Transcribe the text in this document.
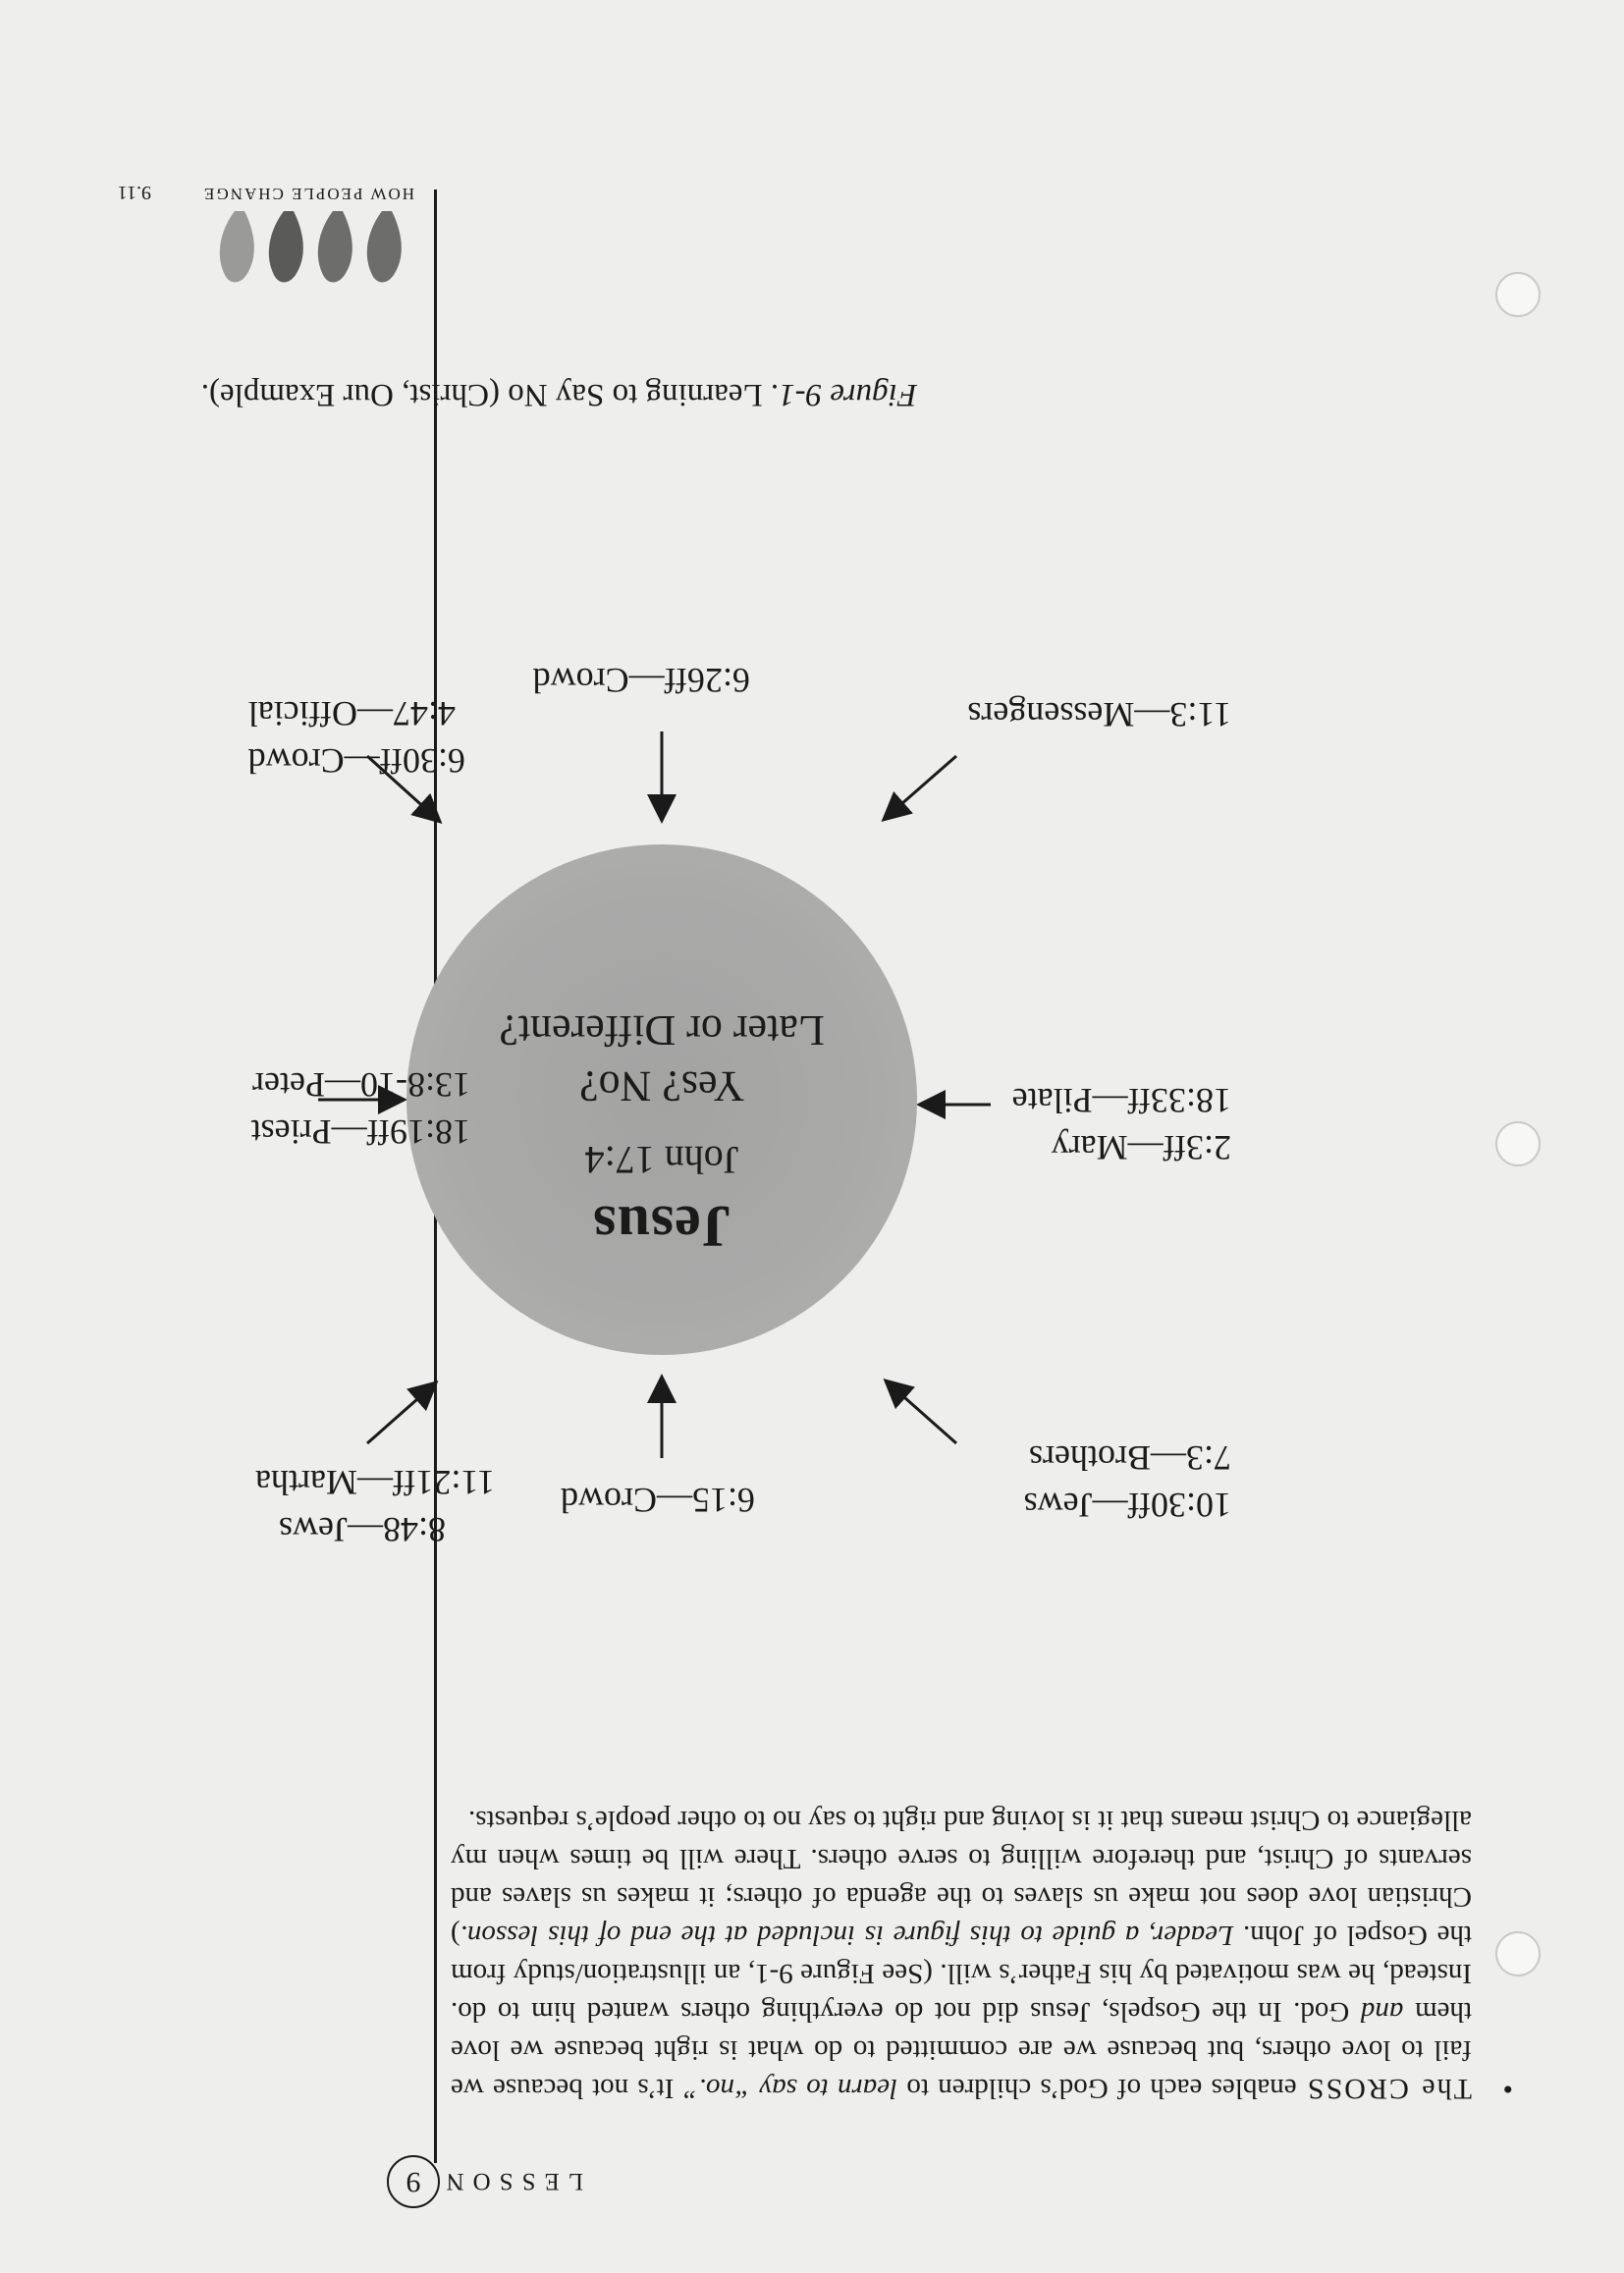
LESSON
9
•

The CROSS enables each of God’s children to learn to say “no.” It’s not because we fail to love others, but because we are committed to do what is right because we love them and God. In the Gospels, Jesus did not do everything others wanted him to do. Instead, he was motivated by his Father’s will. (See Figure 9-1, an illustration/study from the Gospel of John. Leader, a guide to this figure is included at the end of this lesson.) Christian love does not make us slaves to the agenda of others; it makes us slaves and servants of Christ, and therefore willing to serve others. There will be times when my allegiance to Christ means that it is loving and right to say no to other people’s requests.

Jesus
John 17:4
Yes? No?
Later or Different?
6:15—Crowd	10:30ff—Jews
7:3—Brothers
8:48—Jews
11:21ff—Martha
2:3ff—Mary
18:33ff—Pilate
18:19ff—Priest
13:8-10—Peter
11:3—Messengers
6:30ff—Crowd
4:47—Official
6:26ff—Crowd
Figure 9-1. Learning to Say No (Christ, Our Example).
HOW PEOPLE CHANGE
9.11
